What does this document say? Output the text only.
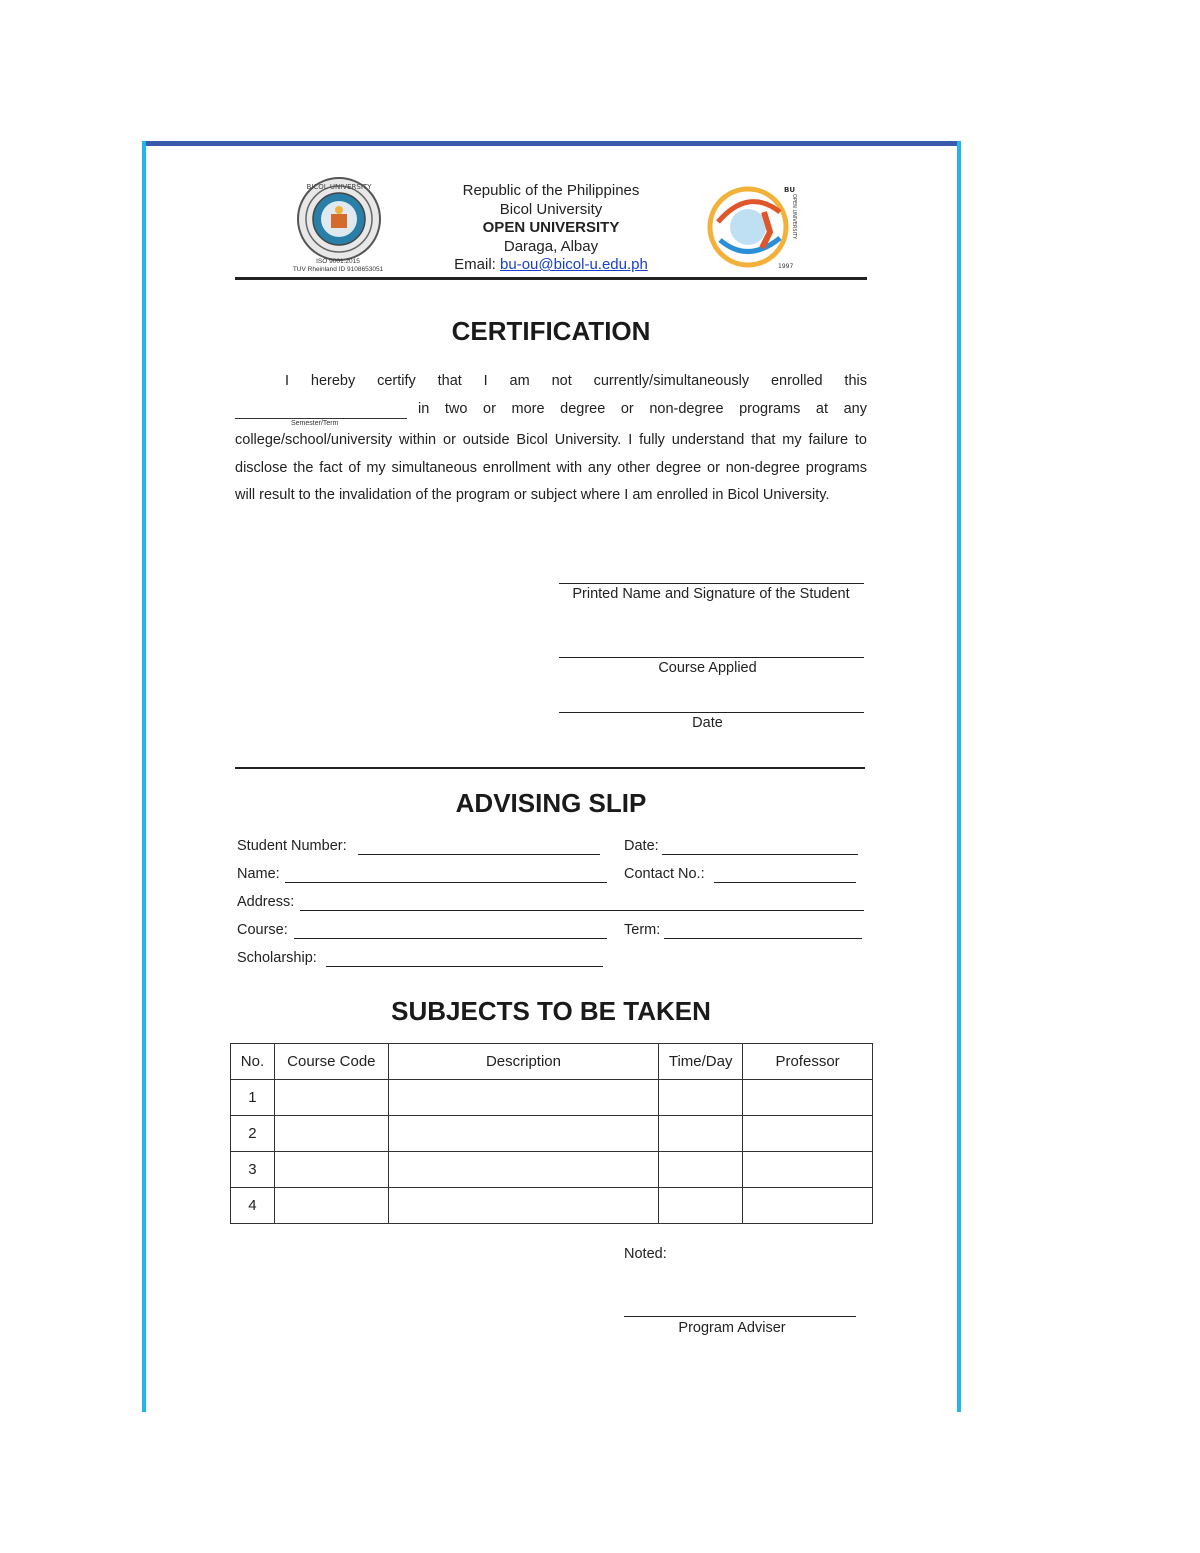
BICOL UNIVERSITY
ISO 9001:2015
TUV Rheinland ID 9108653051
Republic of the Philippines
Bicol University
OPEN UNIVERSITY
Daraga, Albay
Email: bu-ou@bicol-u.edu.ph
BU
OPEN UNIVERSITY
1997
CERTIFICATION
I hereby certify that I am not currently/simultaneously enrolled this
Semester/Term
in two or more degree or non-degree programs at any
college/school/university within or outside Bicol University. I fully understand that my failure to disclose the fact of my simultaneous enrollment with any other degree or non-degree programs will result to the invalidation of the program or subject where I am enrolled in Bicol University.
Printed Name and Signature of the Student
Course Applied
Date
ADVISING SLIP
Student Number:	Date:
Name:	Contact No.:
Address:
Course:	Term:
Scholarship:
SUBJECTS TO BE TAKEN
No.	Course Code	Description	Time/Day	Professor
1				
2				
3				
4				
Noted:
Program Adviser
